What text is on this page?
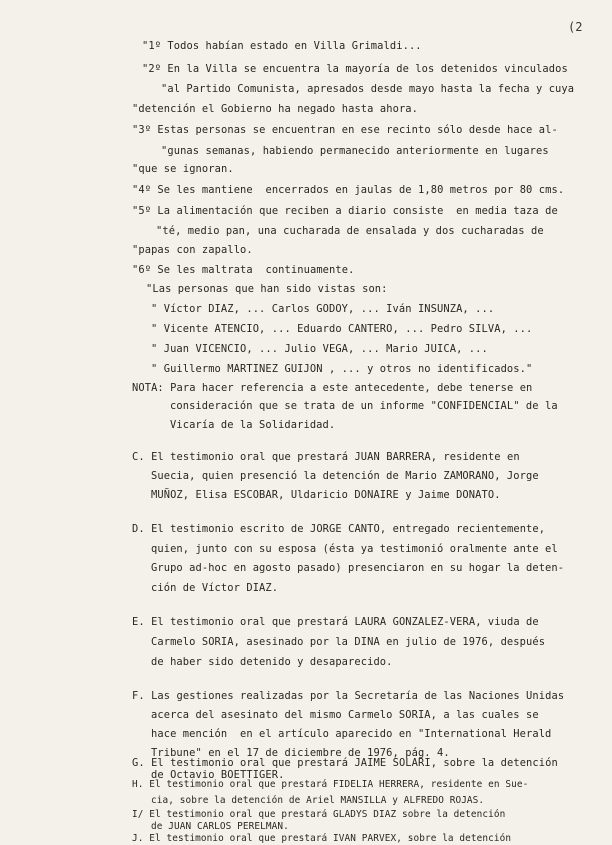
(2
"1º Todos habían estado en Villa Grimaldi...
"2º En la Villa se encuentra la mayoría de los detenidos vinculados
"al Partido Comunista, apresados desde mayo hasta la fecha y cuya
"detención el Gobierno ha negado hasta ahora.
"3º Estas personas se encuentran en ese recinto sólo desde hace al-
"gunas semanas, habiendo permanecido anteriormente en lugares
"que se ignoran.
"4º Se les mantiene  encerrados en jaulas de 1,80 metros por 80 cms.
"5º La alimentación que reciben a diario consiste  en media taza de
"té, medio pan, una cucharada de ensalada y dos cucharadas de
"papas con zapallo.
"6º Se les maltrata  continuamente.
"Las personas que han sido vistas son:
" Víctor DIAZ, ... Carlos GODOY, ... Iván INSUNZA, ...
" Vicente ATENCIO, ... Eduardo CANTERO, ... Pedro SILVA, ...
" Juan VICENCIO, ... Julio VEGA, ... Mario JUICA, ...
" Guillermo MARTINEZ GUIJON , ... y otros no identificados."
NOTA: Para hacer referencia a este antecedente, debe tenerse en
consideración que se trata de un informe "CONFIDENCIAL" de la
Vicaría de la Solidaridad.
C. El testimonio oral que prestará JUAN BARRERA, residente en
Suecia, quien presenció la detención de Mario ZAMORANO, Jorge
MUÑOZ, Elisa ESCOBAR, Uldaricio DONAIRE y Jaime DONATO.
D. El testimonio escrito de JORGE CANTO, entregado recientemente,
quien, junto con su esposa (ésta ya testimonió oralmente ante el
Grupo ad-hoc en agosto pasado) presenciaron en su hogar la deten-
ción de Víctor DIAZ.
E. El testimonio oral que prestará LAURA GONZALEZ-VERA, viuda de
Carmelo SORIA, asesinado por la DINA en julio de 1976, después
de haber sido detenido y desaparecido.
F. Las gestiones realizadas por la Secretaría de las Naciones Unidas
acerca del asesinato del mismo Carmelo SORIA, a las cuales se
hace mención  en el artículo aparecido en "International Herald
Tribune" en el 17 de diciembre de 1976, pág. 4.
G. El testimonio oral que prestará JAIME SOLARI, sobre la detención
de Octavio BOETTIGER.
H. El testimonio oral que prestará FIDELIA HERRERA, residente en Sue-
cia, sobre la detención de Ariel MANSILLA y ALFREDO ROJAS.
I/ El testimonio oral que prestará GLADYS DIAZ sobre la detención
de JUAN CARLOS PERELMAN.
J. El testimonio oral que prestará IVAN PARVEX, sobre la detención
